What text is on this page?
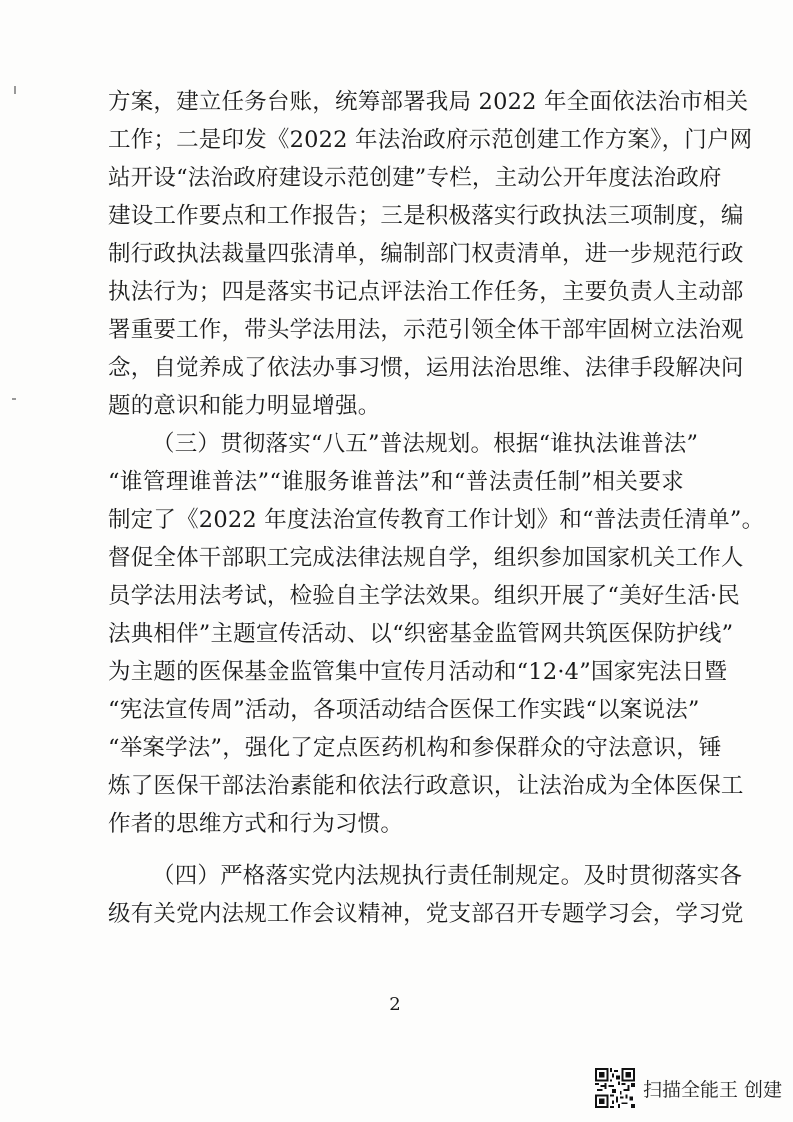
方案，建立任务台账，统筹部署我局 2022 年全面依法治市相关
工作；二是印发《2022 年法治政府示范创建工作方案》，门户网
站开设“法治政府建设示范创建”专栏，主动公开年度法治政府
建设工作要点和工作报告；三是积极落实行政执法三项制度，编
制行政执法裁量四张清单，编制部门权责清单，进一步规范行政
执法行为；四是落实书记点评法治工作任务，主要负责人主动部
署重要工作，带头学法用法，示范引领全体干部牢固树立法治观
念，自觉养成了依法办事习惯，运用法治思维、法律手段解决问
题的意识和能力明显增强。
（三）贯彻落实“八五”普法规划。根据“谁执法谁普法”
“谁管理谁普法”“谁服务谁普法”和“普法责任制”相关要求
制定了《2022 年度法治宣传教育工作计划》和“普法责任清单”。
督促全体干部职工完成法律法规自学，组织参加国家机关工作人
员学法用法考试，检验自主学法效果。组织开展了“美好生活·民
法典相伴”主题宣传活动、以“织密基金监管网共筑医保防护线”
为主题的医保基金监管集中宣传月活动和“12·4”国家宪法日暨
“宪法宣传周”活动，各项活动结合医保工作实践“以案说法”
“举案学法”，强化了定点医药机构和参保群众的守法意识，锤
炼了医保干部法治素能和依法行政意识，让法治成为全体医保工
作者的思维方式和行为习惯。
（四）严格落实党内法规执行责任制规定。及时贯彻落实各
级有关党内法规工作会议精神，党支部召开专题学习会，学习党
2
扫描全能王 创建
